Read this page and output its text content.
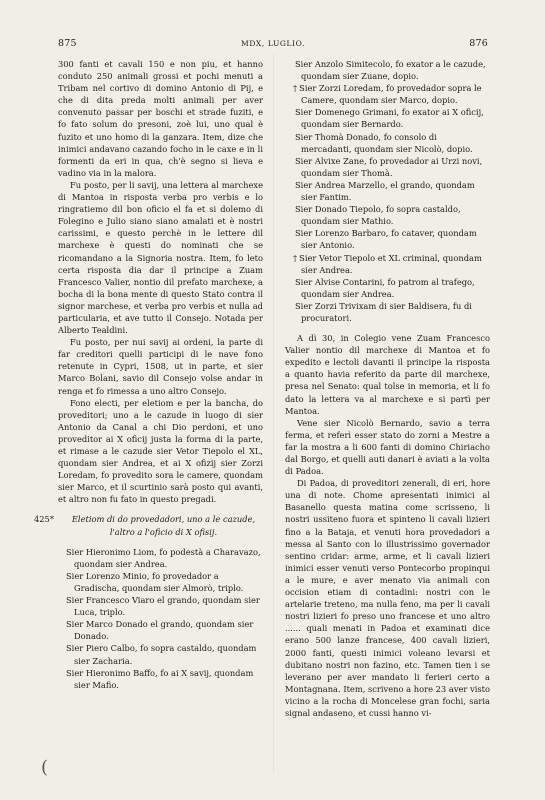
875	MDX, LUGLIO.	876

300 fanti et cavali 150 e non piu, et hanno conduto 250 animali grossi et pochi menuti a Tribam nel cortivo di domino Antonio di Pij, e che di dita preda molti animali per aver convenuto passar per boschi et strade fuziti, e fo fato solum do presoni, zoè lui, uno qual è fuzito et uno homo di la ganzara. Item, dize che inimici andavano cazando focho in le caxe e in li formenti da eri in qua, ch'è segno si lieva e vadino via in la malora.

Fu posto, per li savij, una lettera al marchexe di Mantoa in risposta verba pro verbis e lo ringratiemo dil bon oficio el fa et si dolemo di Folegino e Julio siano siano amalati et è nostri carissimi, e questo perchè in le lettere dil marchexe è questi do nominati che se ricomandano a la Signoria nostra. Item, fo leto certa risposta dia dar il principe a Zuam Francesco Valier, nontio dil prefato marchexe, a bocha di la bona mente di questo Stato contra il signor marchese, et verba pro verbis et nulla ad particularia, et ave tutto il Consejo. Notada per Alberto Tealdini.

Fu posto, per nui savij ai ordeni, la parte di far creditori quelli participi di le nave fono retenute in Cypri, 1508, ut in parte, et sier Marco Bolani, savio dil Consejo volse andar in renga et fo rimessa a uno altro Consejo.

Fono electi, per eletiom e per la bancha, do proveditori; uno a le cazude in luogo di sier Antonio da Canal a chi Dio perdoni, et uno proveditor ai X oficij justa la forma di la parte, et rimase a le cazude sier Vetor Tiepolo el XL, quondam sier Andrea, et ai X ofizij sier Zorzi Loredam, fo provedito sora le camere, quondam sier Marco, et il scurtinio sarà posto qui avanti, et altro non fu fato in questo pregadi.

425*	Eletiom di do provedadori, uno a le cazude,
l'altro a l'oficio di X ofisij.

Sier Hieronimo Liom, fo podestà a Charavazo, quondam sier Andrea.

Sier Lorenzo Minio, fo provedador a Gradischa, quondam sier Almorò, triplo.

Sier Francesco Viaro el grando, quondam sier Luca, triplo.

Sier Marco Donado el grando, quondam sier Donado.

Sier Piero Calbo, fo sopra castaldo, quondam sier Zacharia.

Sier Hieronimo Baffo, fo ai X savij, quondam sier Mafio.

Sier Anzolo Simitecolo, fo exator a le cazude, quondam sier Zuane, dopio.

† Sier Zorzi Loredam, fo provedador sopra le Camere, quondam sier Marco, dopio.

Sier Domenego Grimani, fo exator ai X oficij, quondam sier Bernardo.

Sier Thomà Donado, fo consolo di mercadanti, quondam sier Nicolò, dopio.

Sier Alvixe Zane, fo provedador ai Urzi novi, quondam sier Thomà.

Sier Andrea Marzello, el grando, quondam sier Fantim.

Sier Donado Tiepolo, fo sopra castaldo, quondam sier Mathio.

Sier Lorenzo Barbaro, fo cataver, quondam sier Antonio.

† Sier Vetor Tiepolo et XL criminal, quondam sier Andrea.

Sier Alvise Contarini, fo patrom al trafego, quondam sier Andrea.

Sier Zorzi Trivixam di sier Baldisera, fu di procuratori.

A dì 30, in Colegio vene Zuam Francesco Valier nontio dil marchexe di Mantoa et fo expedito e lectoli davanti il principe la risposta a quanto havia referito da parte dil marchexe, presa nel Senato: qual tolse in memoria, et li fo dato la lettera va al marchexe e si partì per Mantoa.

Vene sier Nicolò Bernardo, savio a terra ferma, et referì esser stato do zorni a Mestre a far la mostra a li 600 fanti di domino Chiriacho dal Borgo, et quelli auti danari è aviati a la volta di Padoa.

Di Padoa, di proveditori zenerali, di eri, hore una di note. Chome apresentati inimici al Basanello questa matina come scrisseno, li nostri ussiteno fuora et spinteno li cavali lizieri fino a la Bataja, et venuti hora provedadori a messa al Santo con lo illustrissimo governador sentino cridar: arme, arme, et li cavali lizieri inimici esser venuti verso Pontecorbo propinqui a le mure, e aver menato via animali con occision etiam di contadini: nostri con le artelarie treteno, ma nulla feno, ma per li cavali nostri lizieri fo preso uno francese et uno altro ...... quali menati in Padoa et examinati dice erano 500 lanze francese, 400 cavali lizieri, 2000 fanti, questi inimici voleano levarsi et dubitano nostri non fazino, etc. Tamen tien i se leverano per aver mandato li ferieri certo a Montagnana. Item, scriveno a hore 23 aver visto vicino a la rocha di Moncelese gran fochi, saria signal andaseno, et cussi hanno vi-

(
